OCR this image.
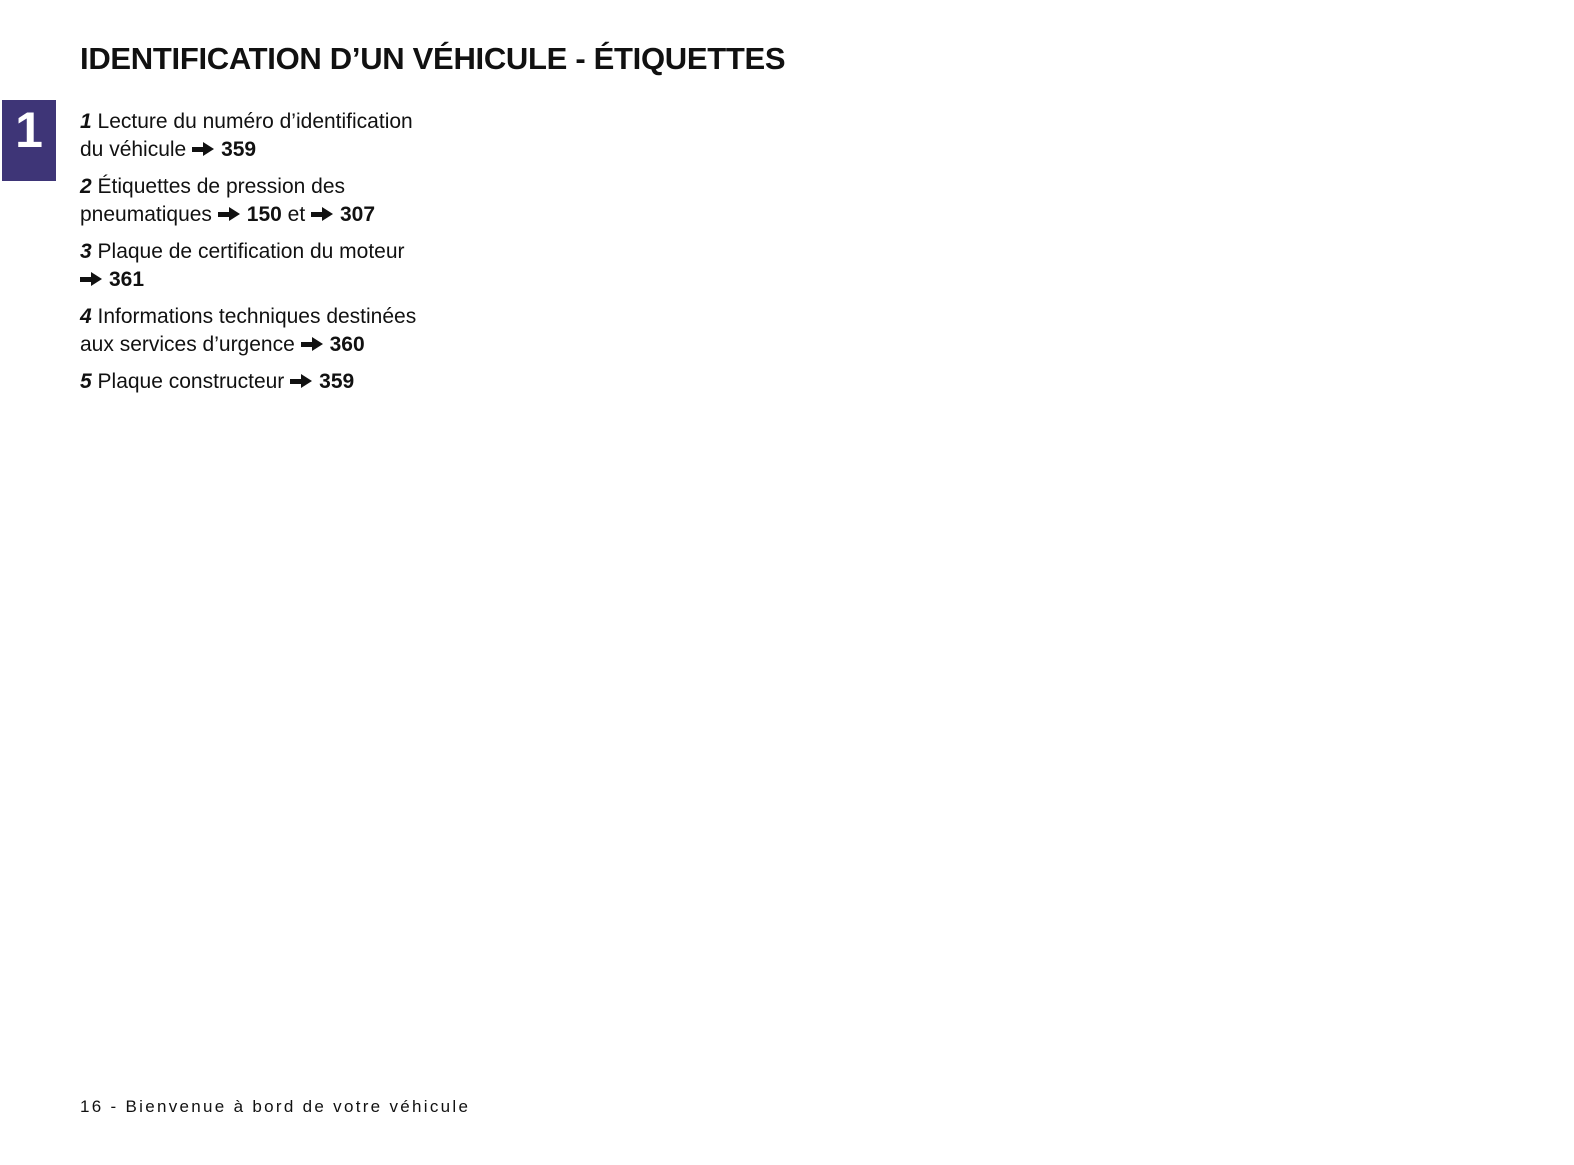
1
IDENTIFICATION D’UN VÉHICULE - ÉTIQUETTES
1 Lecture du numéro d’identification
du véhicule 359
2 Étiquettes de pression des
pneumatiques 150 et 307
3 Plaque de certification du moteur
361
4 Informations techniques destinées
aux services d’urgence 360
5 Plaque constructeur 359
16 - Bienvenue à bord de votre véhicule
